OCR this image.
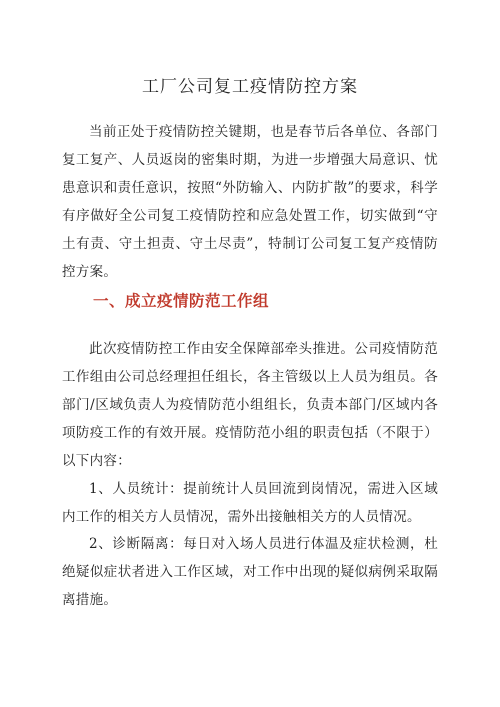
工厂公司复工疫情防控方案

当前正处于疫情防控关键期，也是春节后各单位、各部门复工复产、人员返岗的密集时期，为进一步增强大局意识、忧患意识和责任意识，按照“外防输入、内防扩散”的要求，科学有序做好全公司复工疫情防控和应急处置工作，切实做到“守土有责、守土担责、守土尽责”，特制订公司复工复产疫情防控方案。

一、成立疫情防范工作组

此次疫情防控工作由安全保障部牵头推进。公司疫情防范工作组由公司总经理担任组长，各主管级以上人员为组员。各部门/区域负责人为疫情防范小组组长，负责本部门/区域内各项防疫工作的有效开展。疫情防范小组的职责包括（不限于）以下内容：

1、人员统计：提前统计人员回流到岗情况，需进入区域内工作的相关方人员情况，需外出接触相关方的人员情况。

2、诊断隔离：每日对入场人员进行体温及症状检测，杜绝疑似症状者进入工作区域，对工作中出现的疑似病例采取隔离措施。
